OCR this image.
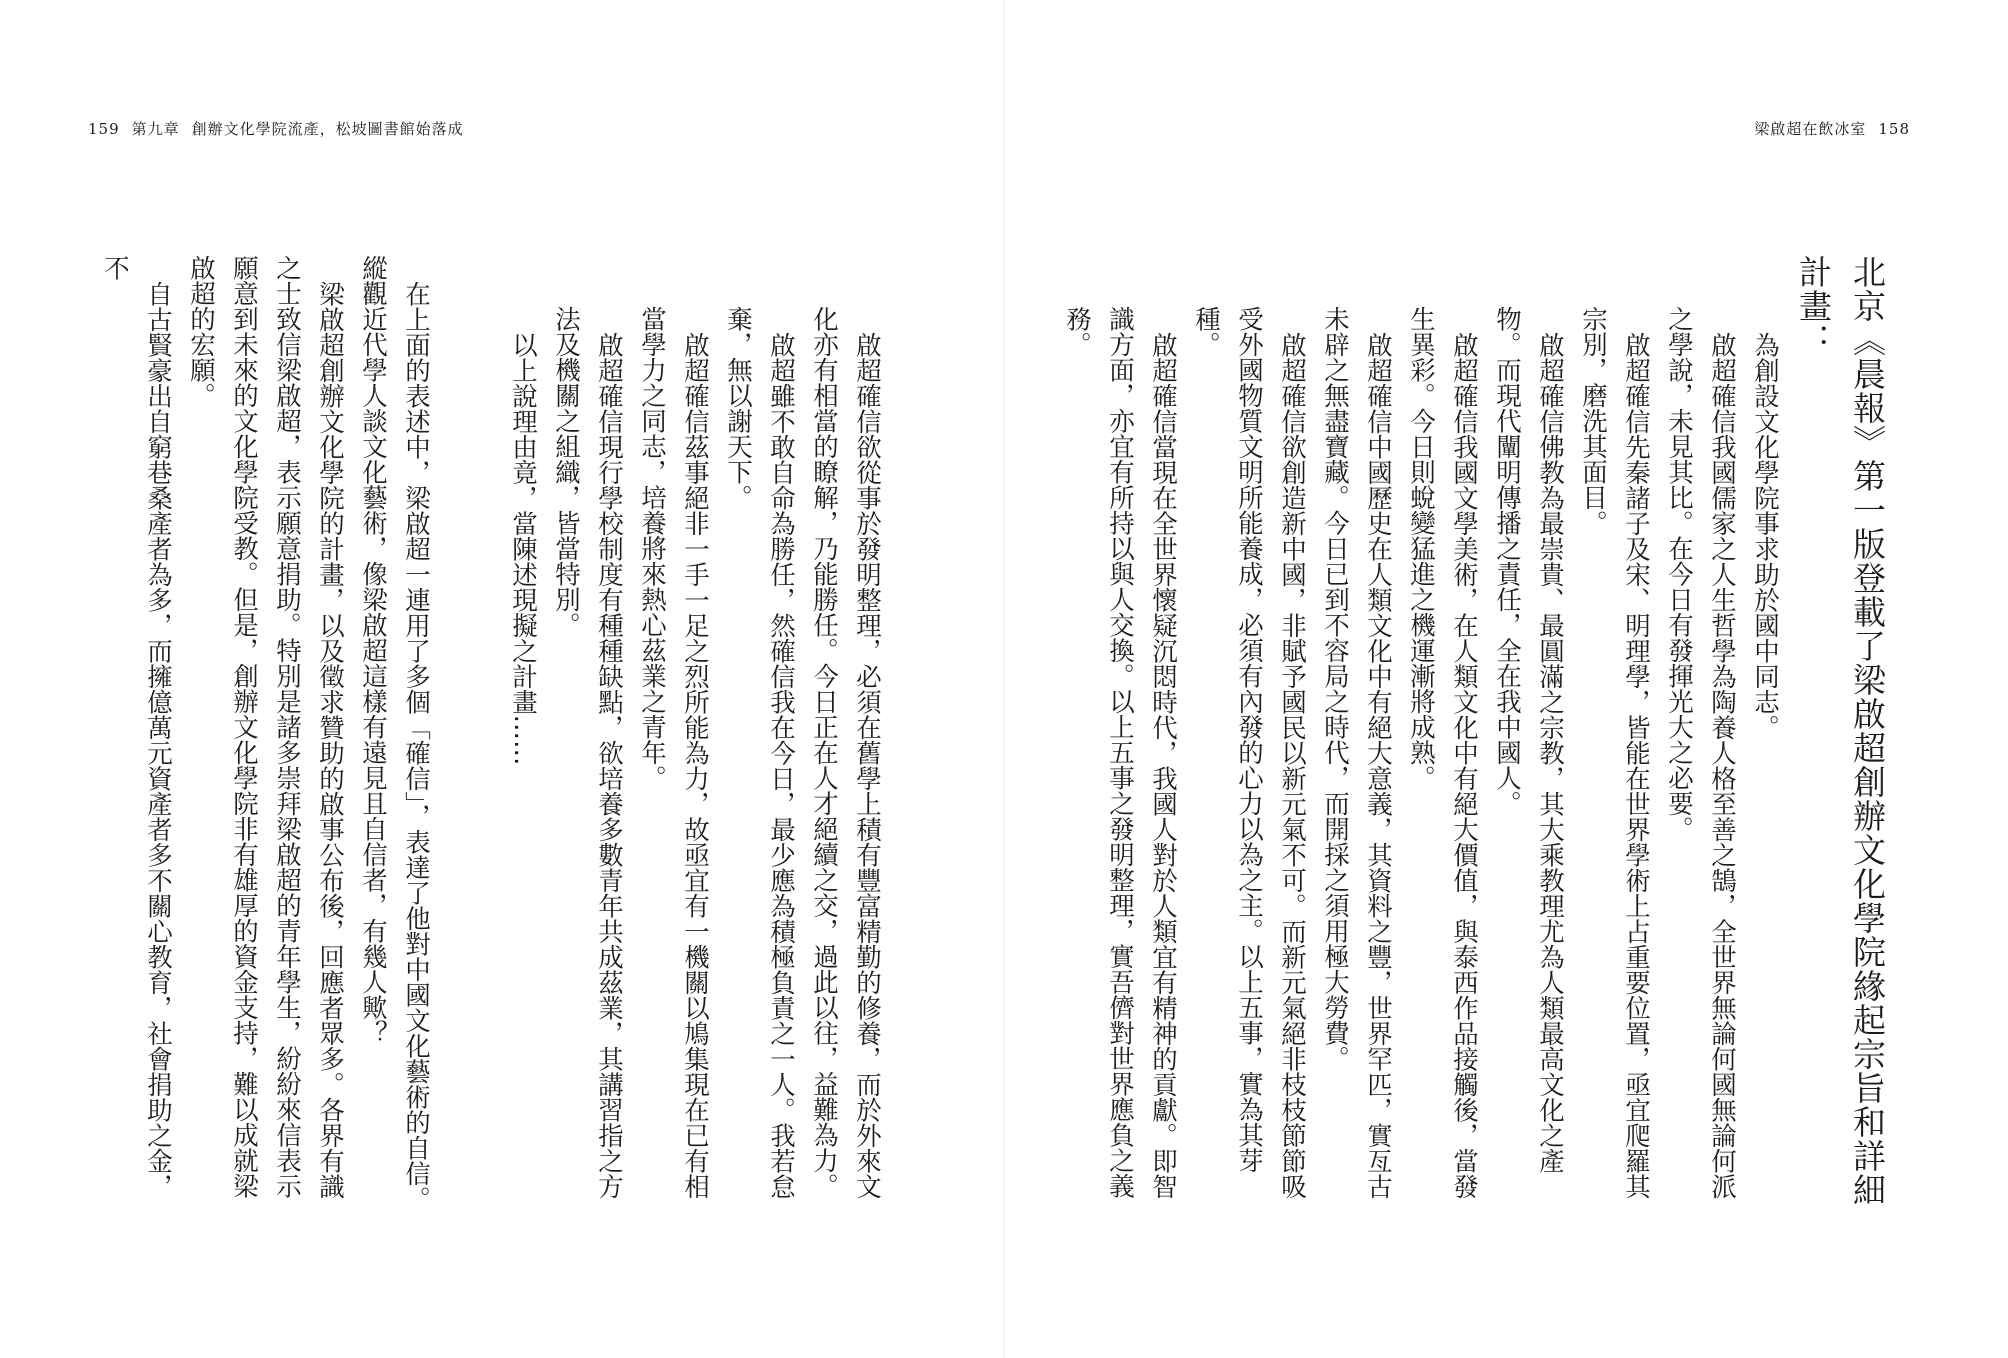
159 第九章 創辦文化學院流產，松坡圖書館始落成

啟超確信欲從事於發明整理，必須在舊學上積有豐富精勤的修養，而於外來文化亦有相當的瞭解，乃能勝任。今日正在人才絕續之交，過此以往，益難為力。

啟超雖不敢自命為勝任，然確信我在今日，最少應為積極負責之一人。我若怠棄，無以謝天下。

啟超確信茲事絕非一手一足之烈所能為力，故亟宜有一機關以鳩集現在已有相當學力之同志，培養將來熱心茲業之青年。

啟超確信現行學校制度有種種缺點，欲培養多數青年共成茲業，其講習指之方法及機關之組織，皆當特別。

以上說理由竟，當陳述現擬之計畫……

在上面的表述中，梁啟超一連用了多個「確信」，表達了他對中國文化藝術的自信。縱觀近代學人談文化藝術，像梁啟超這樣有遠見且自信者，有幾人歟？

梁啟超創辦文化學院的計畫，以及徵求贊助的啟事公布後，回應者眾多。各界有識之士致信梁啟超，表示願意捐助。特別是諸多崇拜梁啟超的青年學生，紛紛來信表示願意到未來的文化學院受教。但是，創辦文化學院非有雄厚的資金支持，難以成就梁啟超的宏願。

自古賢豪出自窮巷桑產者為多，而擁億萬元資產者多不關心教育，社會捐助之金，不

梁啟超在飲冰室 158
北京《晨報》第一版登載了梁啟超創辦文化學院緣起宗旨和詳細計畫：

為創設文化學院事求助於國中同志。

啟超確信我國儒家之人生哲學為陶養人格至善之鵠，全世界無論何國無論何派之學說，未見其比。在今日有發揮光大之必要。

啟超確信先秦諸子及宋、明理學，皆能在世界學術上占重要位置，亟宜爬羅其宗別，磨洗其面目。

啟超確信佛教為最崇貴、最圓滿之宗教，其大乘教理尤為人類最高文化之產物。而現代闡明傳播之責任，全在我中國人。

啟超確信我國文學美術，在人類文化中有絕大價值，與泰西作品接觸後，當發生異彩。今日則蛻變猛進之機運漸將成熟。

啟超確信中國歷史在人類文化中有絕大意義，其資料之豐，世界罕匹，實亙古未辟之無盡寶藏。今日已到不容局之時代，而開採之須用極大勞費。

啟超確信欲創造新中國，非賦予國民以新元氣不可。而新元氣絕非枝枝節節吸受外國物質文明所能養成，必須有內發的心力以為之主。以上五事，實為其芽種。

啟超確信當現在全世界懷疑沉悶時代，我國人對於人類宜有精神的貢獻。即智識方面，亦宜有所持以與人交換。以上五事之發明整理，實吾儕對世界應負之義務。
